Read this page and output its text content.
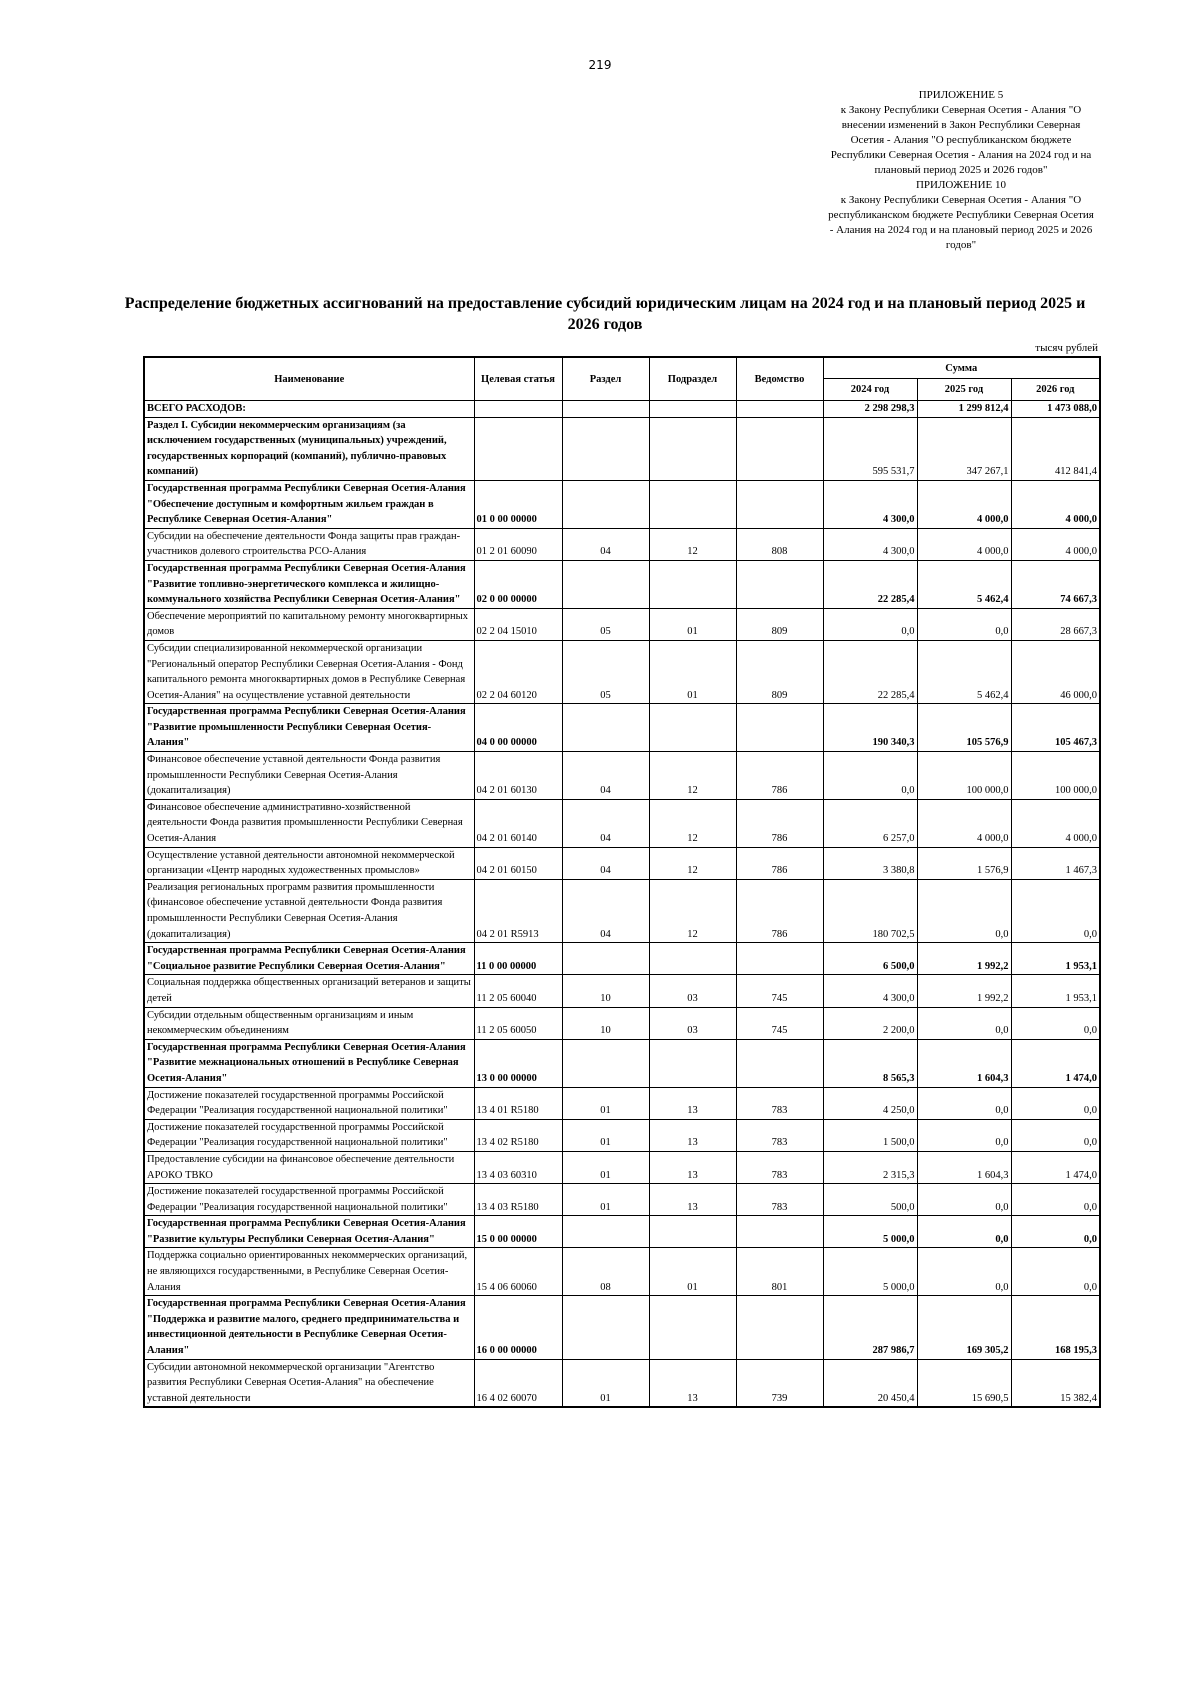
219
ПРИЛОЖЕНИЕ 5
к Закону Республики Северная Осетия - Алания "О внесении изменений в Закон Республики Северная Осетия - Алания "О республиканском бюджете Республики Северная Осетия - Алания на 2024 год и на плановый период 2025 и 2026 годов"
ПРИЛОЖЕНИЕ 10
к Закону Республики Северная Осетия - Алания "О республиканском бюджете Республики Северная Осетия - Алания на 2024 год и на плановый период 2025 и 2026 годов"
Распределение бюджетных ассигнований на предоставление субсидий юридическим лицам на 2024 год и на плановый период 2025 и 2026 годов
тысяч рублей
Наименование	Целевая статья	Раздел	Подраздел	Ведомство	Сумма		
					2024 год	2025 год	2026 год
ВСЕГО РАСХОДОВ:					2 298 298,3	1 299 812,4	1 473 088,0
Раздел I. Субсидии некоммерческим организациям (за исключением государственных (муниципальных) учреждений, государственных корпораций (компаний), публично-правовых компаний)					595 531,7	347 267,1	412 841,4
Государственная программа Республики Северная Осетия-Алания "Обеспечение доступным и комфортным жильем граждан в Республике Северная Осетия-Алания"	01 0 00 00000				4 300,0	4 000,0	4 000,0
Субсидии на обеспечение деятельности Фонда защиты прав граждан-участников долевого строительства РСО-Алания	01 2 01 60090	04	12	808	4 300,0	4 000,0	4 000,0
Государственная программа Республики Северная Осетия-Алания "Развитие топливно-энергетического комплекса и жилищно-коммунального хозяйства Республики Северная Осетия-Алания"	02 0 00 00000				22 285,4	5 462,4	74 667,3
Обеспечение мероприятий по капитальному ремонту многоквартирных домов	02 2 04 15010	05	01	809	0,0	0,0	28 667,3
Субсидии специализированной некоммерческой организации "Региональный оператор Республики Северная Осетия-Алания - Фонд капитального ремонта многоквартирных домов в Республике Северная Осетия-Алания" на осуществление уставной деятельности	02 2 04 60120	05	01	809	22 285,4	5 462,4	46 000,0
Государственная программа Республики Северная Осетия-Алания "Развитие промышленности Республики Северная Осетия-Алания"	04 0 00 00000				190 340,3	105 576,9	105 467,3
Финансовое обеспечение уставной деятельности Фонда развития промышленности Республики Северная Осетия-Алания (докапитализация)	04 2 01 60130	04	12	786	0,0	100 000,0	100 000,0
Финансовое обеспечение административно-хозяйственной деятельности Фонда развития промышленности Республики Северная Осетия-Алания	04 2 01 60140	04	12	786	6 257,0	4 000,0	4 000,0
Осуществление уставной деятельности автономной некоммерческой организации «Центр народных художественных промыслов»	04 2 01 60150	04	12	786	3 380,8	1 576,9	1 467,3
Реализация региональных программ развития промышленности (финансовое обеспечение уставной деятельности Фонда развития промышленности Республики Северная Осетия-Алания (докапитализация)	04 2 01 R5913	04	12	786	180 702,5	0,0	0,0
Государственная программа Республики Северная Осетия-Алания "Социальное развитие Республики Северная Осетия-Алания"	11 0 00 00000				6 500,0	1 992,2	1 953,1
Социальная поддержка общественных организаций ветеранов и защиты детей	11 2 05 60040	10	03	745	4 300,0	1 992,2	1 953,1
Субсидии отдельным общественным организациям и иным некоммерческим объединениям	11 2 05 60050	10	03	745	2 200,0	0,0	0,0
Государственная программа Республики Северная Осетия-Алания "Развитие межнациональных отношений в Республике Северная Осетия-Алания"	13 0 00 00000				8 565,3	1 604,3	1 474,0
Достижение показателей государственной программы Российской Федерации "Реализация государственной национальной политики"	13 4 01 R5180	01	13	783	4 250,0	0,0	0,0
Достижение показателей государственной программы Российской Федерации "Реализация государственной национальной политики"	13 4 02 R5180	01	13	783	1 500,0	0,0	0,0
Предоставление субсидии на финансовое обеспечение деятельности АРОКО ТВКО	13 4 03 60310	01	13	783	2 315,3	1 604,3	1 474,0
Достижение показателей государственной программы Российской Федерации "Реализация государственной национальной политики"	13 4 03 R5180	01	13	783	500,0	0,0	0,0
Государственная программа Республики Северная Осетия-Алания "Развитие культуры Республики Северная Осетия-Алания"	15 0 00 00000				5 000,0	0,0	0,0
Поддержка социально ориентированных некоммерческих организаций, не являющихся государственными, в Республике Северная Осетия-Алания	15 4 06 60060	08	01	801	5 000,0	0,0	0,0
Государственная программа Республики Северная Осетия-Алания "Поддержка и развитие малого, среднего предпринимательства и инвестиционной деятельности в Республике Северная Осетия-Алания"	16 0 00 00000				287 986,7	169 305,2	168 195,3
Субсидии автономной некоммерческой организации "Агентство развития Республики Северная Осетия-Алания" на обеспечение уставной деятельности	16 4 02 60070	01	13	739	20 450,4	15 690,5	15 382,4
